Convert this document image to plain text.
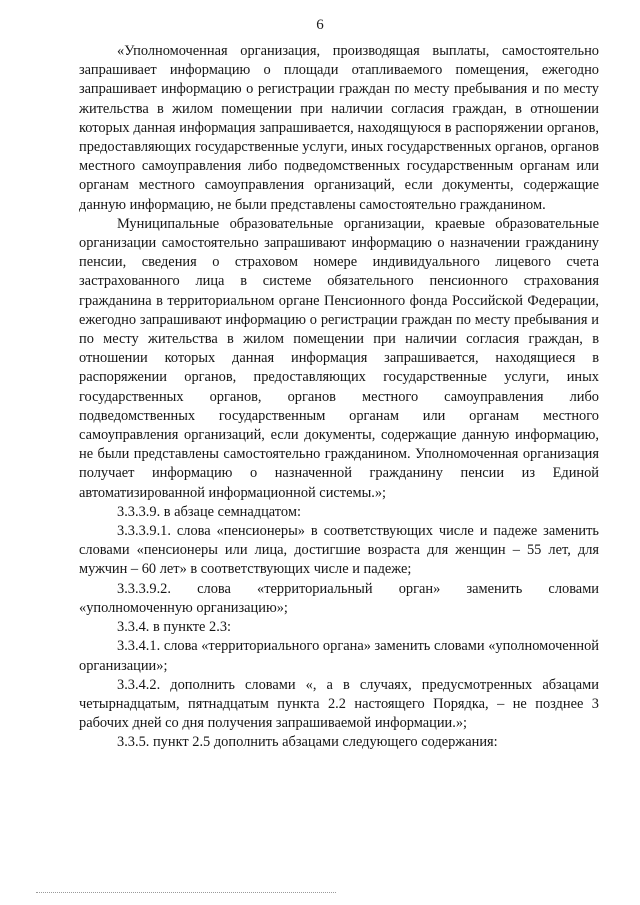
6

«Уполномоченная организация, производящая выплаты, самостоятельно запрашивает информацию о площади отапливаемого помещения, ежегодно запрашивает информацию о регистрации граждан по месту пребывания и по месту жительства в жилом помещении при наличии согласия граждан, в отношении которых данная информация запрашивается, находящуюся в распоряжении органов, предоставляющих государственные услуги, иных государственных органов, органов местного самоуправления либо подведомственных государственным органам или органам местного самоуправления организаций, если документы, содержащие данную информацию, не были представлены самостоятельно гражданином.

Муниципальные образовательные организации, краевые образовательные организации самостоятельно запрашивают информацию о назначении гражданину пенсии, сведения о страховом номере индивидуального лицевого счета застрахованного лица в системе обязательного пенсионного страхования гражданина в территориальном органе Пенсионного фонда Российской Федерации, ежегодно запрашивают информацию о регистрации граждан по месту пребывания и по месту жительства в жилом помещении при наличии согласия граждан, в отношении которых данная информация запрашивается, находящиеся в распоряжении органов, предоставляющих государственные услуги, иных государственных органов, органов местного самоуправления либо подведомственных государственным органам или органам местного самоуправления организаций, если документы, содержащие данную информацию, не были представлены самостоятельно гражданином. Уполномоченная организация получает информацию о назначенной гражданину пенсии из Единой автоматизированной информационной системы.»;

3.3.3.9. в абзаце семнадцатом:

3.3.3.9.1. слова «пенсионеры» в соответствующих числе и падеже заменить словами «пенсионеры или лица, достигшие возраста для женщин – 55 лет, для мужчин – 60 лет» в соответствующих числе и падеже;

3.3.3.9.2. слова «территориальный орган» заменить словами «уполномоченную организацию»;

3.3.4. в пункте 2.3:

3.3.4.1. слова «территориального органа» заменить словами «уполномоченной организации»;

3.3.4.2. дополнить словами «, а в случаях, предусмотренных абзацами четырнадцатым, пятнадцатым пункта 2.2 настоящего Порядка, – не позднее 3 рабочих дней со дня получения запрашиваемой информации.»;

3.3.5. пункт 2.5 дополнить абзацами следующего содержания:
